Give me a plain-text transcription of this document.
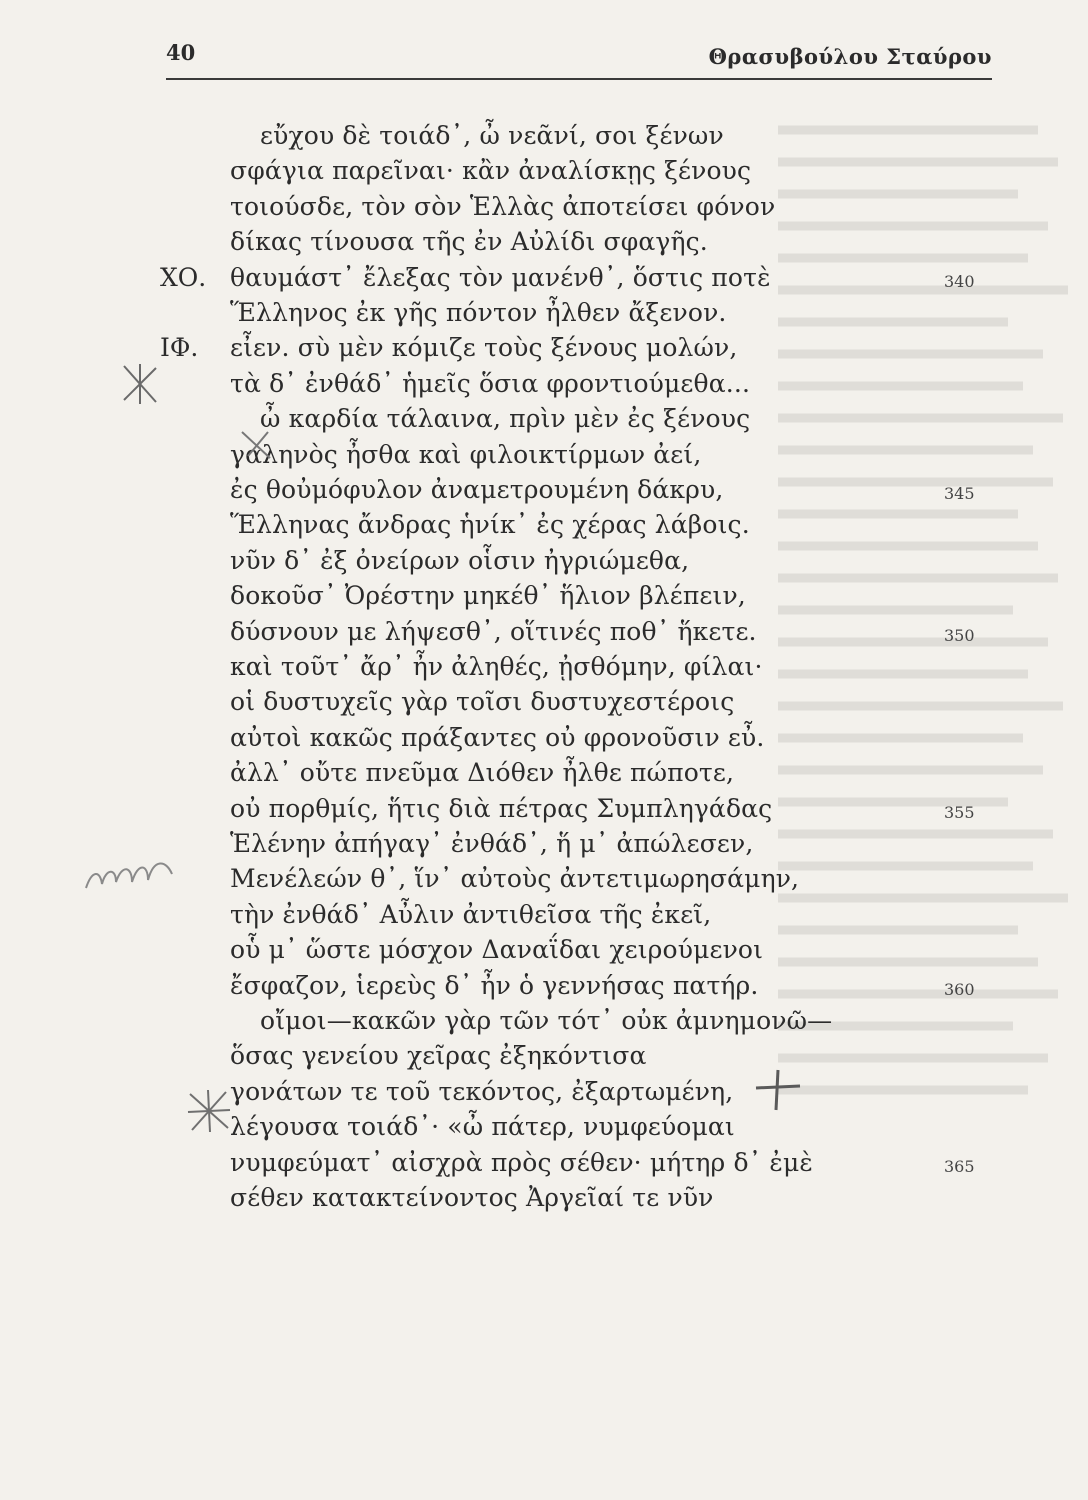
40	Θρασυβούλου Σταύρου
εὔχου δὲ τοιάδ᾽, ὦ νεᾶνί, σοι ξένων
σφάγια παρεῖναι· κἂν ἀναλίσκῃς ξένους
τοιούσδε, τὸν σὸν Ἑλλὰς ἀποτείσει φόνον
δίκας τίνουσα τῆς ἐν Αὐλίδι σφαγῆς.
ΧΟ. θαυμάστ᾽ ἔλεξας τὸν μανένθ᾽, ὅστις ποτὲ
Ἕλληνος ἐκ γῆς πόντον ἦλθεν ἄξενον.
ΙΦ. εἶεν. σὺ μὲν κόμιζε τοὺς ξένους μολών,
τὰ δ᾽ ἐνθάδ᾽ ἡμεῖς ὅσια φροντιούμεθα...
ὦ καρδία τάλαινα, πρὶν μὲν ἐς ξένους
γαληνὸς ἦσθα καὶ φιλοικτίρμων ἀεί,
ἐς θοὐμόφυλον ἀναμετρουμένη δάκρυ,
Ἕλληνας ἄνδρας ἡνίκ᾽ ἐς χέρας λάβοις.
νῦν δ᾽ ἐξ ὀνείρων οἷσιν ἠγριώμεθα,
δοκοῦσ᾽ Ὀρέστην μηκέθ᾽ ἥλιον βλέπειν,
δύσνουν με λήψεσθ᾽, οἵτινές ποθ᾽ ἥκετε.
καὶ τοῦτ᾽ ἄρ᾽ ἦν ἀληθές, ᾐσθόμην, φίλαι·
οἱ δυστυχεῖς γὰρ τοῖσι δυστυχεστέροις
αὐτοὶ κακῶς πράξαντες οὐ φρονοῦσιν εὖ.
ἀλλ᾽ οὔτε πνεῦμα Διόθεν ἦλθε πώποτε,
οὐ πορθμίς, ἥτις διὰ πέτρας Συμπληγάδας
Ἑλένην ἀπήγαγ᾽ ἐνθάδ᾽, ἥ μ᾽ ἀπώλεσεν,
Μενέλεών θ᾽, ἵν᾽ αὐτοὺς ἀντετιμωρησάμην,
τὴν ἐνθάδ᾽ Αὖλιν ἀντιθεῖσα τῆς ἐκεῖ,
οὗ μ᾽ ὥστε μόσχον Δαναΐδαι χειρούμενοι
ἔσφαζον, ἱερεὺς δ᾽ ἦν ὁ γεννήσας πατήρ.
οἴμοι—κακῶν γὰρ τῶν τότ᾽ οὐκ ἀμνημονῶ—
ὅσας γενείου χεῖρας ἐξηκόντισα
γονάτων τε τοῦ τεκόντος, ἐξαρτωμένη,
λέγουσα τοιάδ᾽· «ὦ πάτερ, νυμφεύομαι
νυμφεύματ᾽ αἰσχρὰ πρὸς σέθεν· μήτηρ δ᾽ ἐμὲ
σέθεν κατακτείνοντος Ἀργεῖαί τε νῦν
340
345
350
355
360
365
